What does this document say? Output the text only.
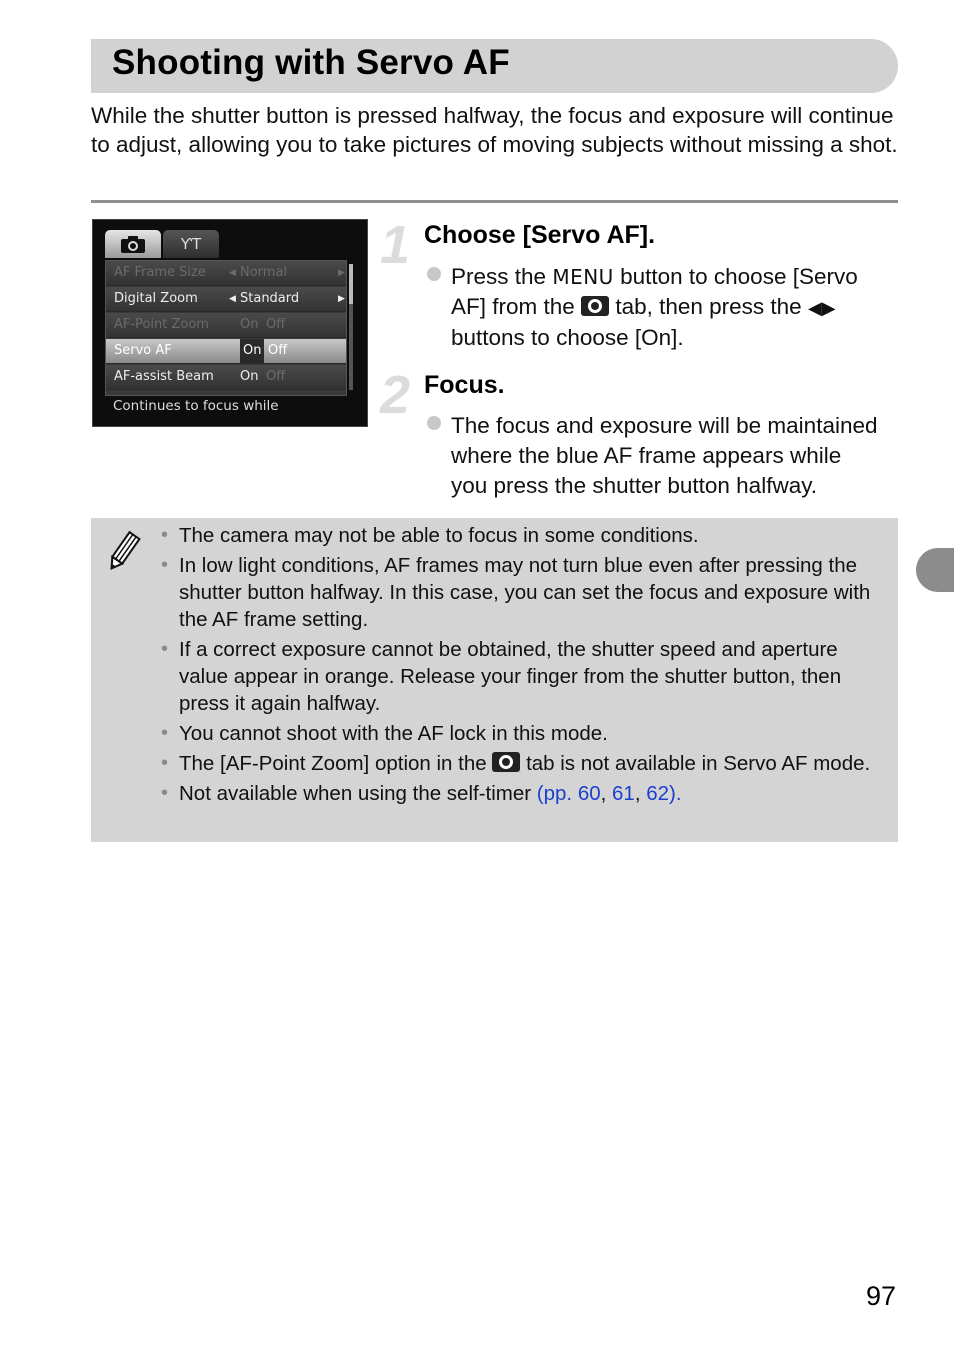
Shooting with Servo AF

While the shutter button is pressed halfway, the focus and exposure will continue to adjust, allowing you to take pictures of moving subjects without missing a shot.

ƳT
AF Frame Size	◀ Normal	▶
Digital Zoom	◀ Standard	▶
AF-Point Zoom On Off
Servo AF	On Off
AF-assist Beam On Off
Continues to focus while
1 Choose [Servo AF].
Press the MENU button to choose [Servo
AF] from the tab, then press the ◀▶
buttons to choose [On].
2 Focus.
The focus and exposure will be maintained
where the blue AF frame appears while
you press the shutter button halfway.
• The camera may not be able to focus in some conditions.
• In low light conditions, AF frames may not turn blue even after pressing the shutter button halfway. In this case, you can set the focus and exposure with the AF frame setting.
• If a correct exposure cannot be obtained, the shutter speed and aperture value appear in orange. Release your finger from the shutter button, then press it again halfway.
• You cannot shoot with the AF lock in this mode.
• The [AF-Point Zoom] option in the tab is not available in Servo AF mode.
• Not available when using the self-timer (pp. 60, 61, 62).
97
